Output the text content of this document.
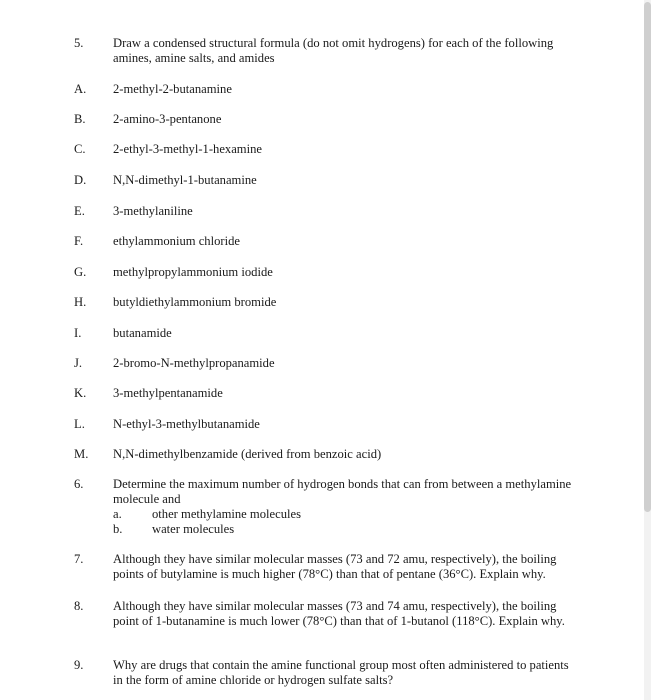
5. Draw a condensed structural formula (do not omit hydrogens) for each of the following amines, amine salts, and amides
A. 2-methyl-2-butanamine
B. 2-amino-3-pentanone
C. 2-ethyl-3-methyl-1-hexamine
D. N,N-dimethyl-1-butanamine
E. 3-methylaniline
F. ethylammonium chloride
G. methylpropylammonium iodide
H. butyldiethylammonium bromide
I.	butanamide
J. 2-bromo-N-methylpropanamide
K. 3-methylpentanamide
L. N-ethyl-3-methylbutanamide
M. N,N-dimethylbenzamide (derived from benzoic acid)
6. Determine the maximum number of hydrogen bonds that can from between a methylamine molecule and
a. other methylamine molecules
b. water molecules
7. Although they have similar molecular masses (73 and 72 amu, respectively), the boiling points of butylamine is much higher (78°C) than that of pentane (36°C). Explain why.
8. Although they have similar molecular masses (73 and 74 amu, respectively), the boiling point of 1-butanamine is much lower (78°C) than that of 1-butanol (118°C). Explain why.
9. Why are drugs that contain the amine functional group most often administered to patients in the form of amine chloride or hydrogen sulfate salts?
